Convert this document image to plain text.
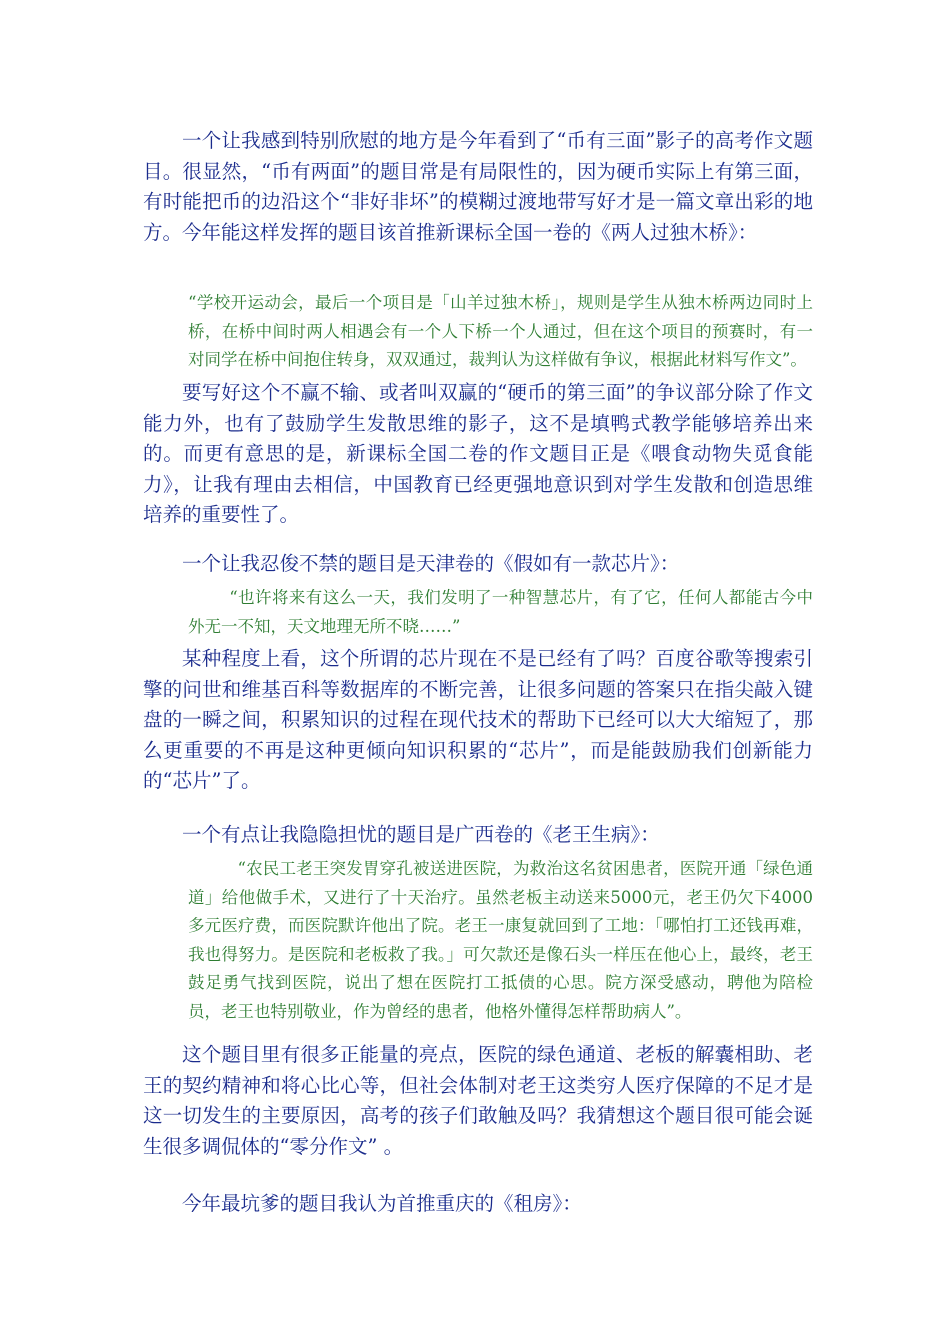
一个让我感到特别欣慰的地方是今年看到了“币有三面”影子的高考作文题目。很显然，“币有两面”的题目常是有局限性的，因为硬币实际上有第三面，有时能把币的边沿这个“非好非坏”的模糊过渡地带写好才是一篇文章出彩的地方。今年能这样发挥的题目该首推新课标全国一卷的《两人过独木桥》：

“学校开运动会，最后一个项目是「山羊过独木桥」，规则是学生从独木桥两边同时上桥，在桥中间时两人相遇会有一个人下桥一个人通过，但在这个项目的预赛时，有一对同学在桥中间抱住转身，双双通过，裁判认为这样做有争议，根据此材料写作文”。

要写好这个不赢不输、或者叫双赢的“硬币的第三面”的争议部分除了作文能力外，也有了鼓励学生发散思维的影子，这不是填鸭式教学能够培养出来的。而更有意思的是，新课标全国二卷的作文题目正是《喂食动物失觅食能力》，让我有理由去相信，中国教育已经更强地意识到对学生发散和创造思维培养的重要性了。

一个让我忍俊不禁的题目是天津卷的《假如有一款芯片》：

“也许将来有这么一天，我们发明了一种智慧芯片，有了它，任何人都能古今中外无一不知，天文地理无所不晓……”

某种程度上看，这个所谓的芯片现在不是已经有了吗？百度谷歌等搜索引擎的问世和维基百科等数据库的不断完善，让很多问题的答案只在指尖敲入键盘的一瞬之间，积累知识的过程在现代技术的帮助下已经可以大大缩短了，那么更重要的不再是这种更倾向知识积累的“芯片”，而是能鼓励我们创新能力的“芯片”了。

一个有点让我隐隐担忧的题目是广西卷的《老王生病》：

“农民工老王突发胃穿孔被送进医院，为救治这名贫困患者，医院开通「绿色通道」给他做手术，又进行了十天治疗。虽然老板主动送来5000元，老王仍欠下4000多元医疗费，而医院默许他出了院。老王一康复就回到了工地：「哪怕打工还钱再难，我也得努力。是医院和老板救了我。」可欠款还是像石头一样压在他心上，最终，老王鼓足勇气找到医院，说出了想在医院打工抵债的心思。院方深受感动，聘他为陪检员，老王也特别敬业，作为曾经的患者，他格外懂得怎样帮助病人”。

这个题目里有很多正能量的亮点，医院的绿色通道、老板的解囊相助、老王的契约精神和将心比心等，但社会体制对老王这类穷人医疗保障的不足才是这一切发生的主要原因，高考的孩子们敢触及吗？我猜想这个题目很可能会诞生很多调侃体的“零分作文” 。

今年最坑爹的题目我认为首推重庆的《租房》：
